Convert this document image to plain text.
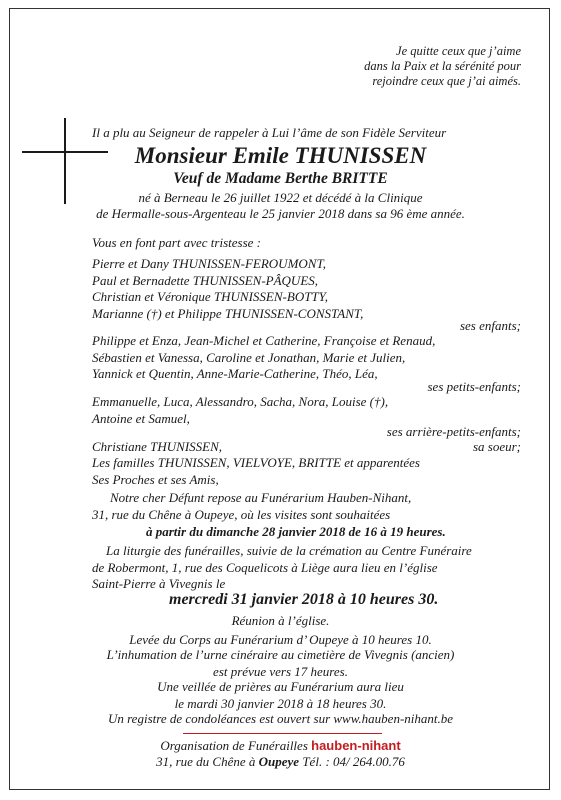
Je quitte ceux que j’aime
dans la Paix et la sérénité pour
rejoindre ceux que j’ai aimés.
Il a plu au Seigneur de rappeler à Lui l’âme de son Fidèle Serviteur
Monsieur Emile THUNISSEN
Veuf de Madame Berthe BRITTE
né à Berneau le 26 juillet 1922 et décédé à la Clinique
de Hermalle-sous-Argenteau le 25 janvier 2018 dans sa 96 ème année.
Vous en font part avec tristesse :
Pierre et Dany THUNISSEN-FEROUMONT,
Paul et Bernadette THUNISSEN-PÂQUES,
Christian et Véronique THUNISSEN-BOTTY,
Marianne (†) et Philippe THUNISSEN-CONSTANT,
ses enfants;
Philippe et Enza, Jean-Michel et Catherine, Françoise et Renaud,
Sébastien et Vanessa, Caroline et Jonathan, Marie et Julien,
Yannick et Quentin, Anne-Marie-Catherine, Théo, Léa,
ses petits-enfants;
Emmanuelle, Luca, Alessandro, Sacha, Nora, Louise (†),
Antoine et Samuel,
ses arrière-petits-enfants;
Christiane THUNISSEN,	sa soeur;
Les familles THUNISSEN, VIELVOYE, BRITTE et apparentées
Ses Proches et ses Amis,
Notre cher Défunt repose au Funérarium Hauben-Nihant,
31, rue du Chêne à Oupeye, où les visites sont souhaitées
à partir du dimanche 28 janvier 2018 de 16 à 19 heures.
La liturgie des funérailles, suivie de la crémation au Centre Funéraire
de Robermont, 1, rue des Coquelicots à Liège aura lieu en l’église
Saint-Pierre à Vivegnis le
mercredi 31 janvier 2018 à 10 heures 30.
Réunion à l’église.
Levée du Corps au Funérarium d’ Oupeye à 10 heures 10.
L’inhumation de l’urne cinéraire au cimetière de Vivegnis (ancien)
est prévue vers 17 heures.
Une veillée de prières au Funérarium aura lieu
le mardi 30 janvier 2018 à 18 heures 30.
Un registre de condoléances est ouvert sur www.hauben-nihant.be
Organisation de Funérailles hauben-nihant
31, rue du Chêne à Oupeye Tél. : 04/ 264.00.76
